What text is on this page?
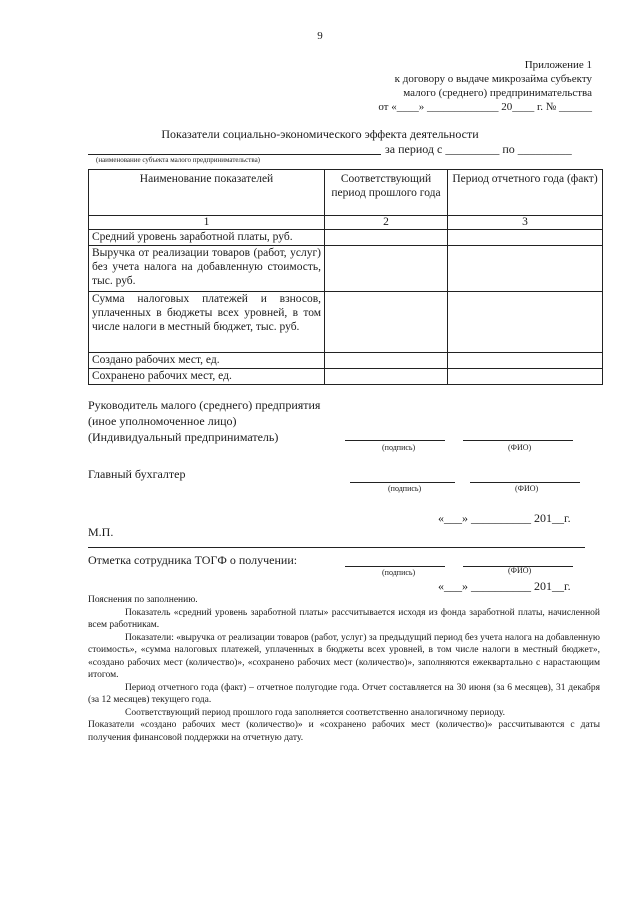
9
Приложение 1
к договору о выдаче микрозайма субъекту
малого (среднего) предпринимательства
от «____» _____________ 20____ г. № ______
Показатели социально-экономического эффекта деятельности
за период с _________ по _________
(наименование субъекта малого предпринимательства)
Наименование показателей	Соответствующий период прошлого года	Период отчетного года (факт)
1	2	3
Средний уровень заработной платы, руб.		
Выручка от реализации товаров (работ, услуг) без учета налога на добавленную стоимость, тыс. руб.		
Сумма налоговых платежей и взносов, уплаченных в бюджеты всех уровней, в том числе налоги в местный бюджет, тыс. руб.		
Создано рабочих мест, ед.		
Сохранено рабочих мест, ед.		
Руководитель малого (среднего) предприятия
(иное уполномоченное лицо)
(Индивидуальный предприниматель)
(подпись)	(ФИО)
Главный бухгалтер
(подпись)	(ФИО)
«___» __________ 201__г.
М.П.
Отметка сотрудника ТОГФ о получении:
(подпись)	(ФИО)
«___» __________ 201__г.

Пояснения по заполнению.

Показатель «средний уровень заработной платы» рассчитывается исходя из фонда заработной платы, начисленной всем работникам.

Показатели: «выручка от реализации товаров (работ, услуг) за предыдущий период без учета налога на добавленную стоимость», «сумма налоговых платежей, уплаченных в бюджеты всех уровней, в том числе налоги в местный бюджет», «создано рабочих мест (количество)», «сохранено рабочих мест (количество)», заполняются ежеквартально с нарастающим итогом.

Период отчетного года (факт) – отчетное полугодие года. Отчет составляется на 30 июня (за 6 месяцев), 31 декабря (за 12 месяцев) текущего года.

Соответствующий период прошлого года заполняется соответственно аналогичному периоду.

Показатели «создано рабочих мест (количество)» и «сохранено рабочих мест (количество)» рассчитываются с даты получения финансовой поддержки на отчетную дату.
